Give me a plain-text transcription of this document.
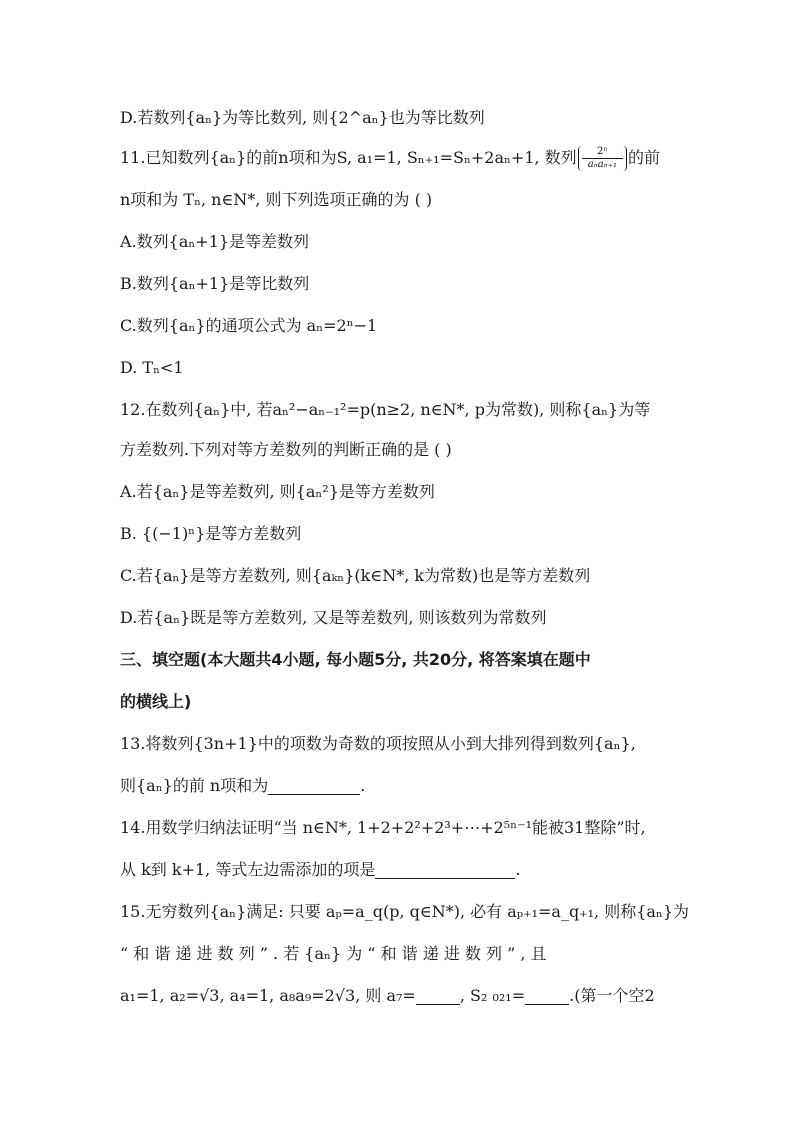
D.若数列{aₙ}为等比数列, 则{2^aₙ}也为等比数列
11.已知数列{aₙ}的前n项和为S, a₁=1, Sₙ₊₁=Sₙ+2aₙ+1, 数列 $\frac{\text{2ⁿ}}{\text{aₙaₙ₊₁}}$ 的前
n项和为 Tₙ, n∈N*, 则下列选项正确的为 ( )
A.数列{aₙ+1}是等差数列
B.数列{aₙ+1}是等比数列
C.数列{aₙ}的通项公式为 aₙ=2ⁿ−1
D. Tₙ<1
12.在数列{aₙ}中, 若aₙ²−aₙ₋₁²=p(n≥2, n∈N*, p为常数), 则称{aₙ}为等
方差数列.下列对等方差数列的判断正确的是 ( )
A.若{aₙ}是等差数列, 则{aₙ²}是等方差数列
B. {(−1)ⁿ}是等方差数列
C.若{aₙ}是等方差数列, 则{aₖₙ}(k∈N*, k为常数)也是等方差数列
D.若{aₙ}既是等方差数列, 又是等差数列, 则该数列为常数列
三、填空题(本大题共4小题, 每小题5分, 共20分, 将答案填在题中
的横线上)
13.将数列{3n+1}中的项数为奇数的项按照从小到大排列得到数列{aₙ},
则{aₙ}的前 n项和为	.
14.用数学归纳法证明“当 n∈N*, 1+2+2²+2³+⋯+2⁵ⁿ⁻¹能被31整除”时,
从 k到 k+1, 等式左边需添加的项是	.
15.无穷数列{aₙ}满足: 只要 aₚ=a_q(p, q∈N*), 必有 aₚ₊₁=a_q₊₁, 则称{aₙ}为
“ 和 谐 递 进 数 列 ” . 若 {aₙ} 为 “ 和 谐 递 进 数 列 ” , 且
a₁=1, a₂=√3, a₄=1, a₈a₉=2√3, 则 a₇=	, S₂ ₀₂₁=	.(第一个空2
